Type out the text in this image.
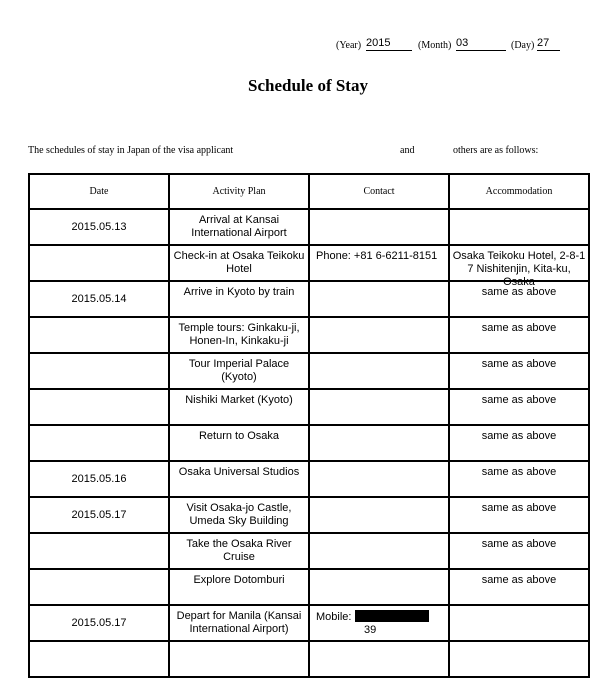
(Year) 2015	(Month) 03	(Day) 27
Schedule of Stay
The schedules of stay in Japan of the visa applicant	and	others are as follows:
Date	Activity Plan	Contact	Accommodation

2015.05.13	Arrival at Kansai International Airport		

	Check-in at Osaka Teikoku Hotel	Phone: +81 6-6211-8151	Osaka Teikoku Hotel, 2-8-1 7 Nishitenjin, Kita-ku, Osaka

2015.05.14	Arrive in Kyoto by train		same as above

	Temple tours: Ginkaku-ji, Honen-In, Kinkaku-ji		same as above

	Tour Imperial Palace (Kyoto)		same as above

	Nishiki Market (Kyoto)		same as above

	Return to Osaka		same as above

2015.05.16	Osaka Universal Studios		same as above

2015.05.17	Visit Osaka-jo Castle, Umeda Sky Building		same as above

	Take the Osaka River Cruise		same as above

	Explore Dotomburi		same as above

2015.05.17	Depart for Manila (Kansai International Airport)	Mobile: 09 917 528 71
39	
